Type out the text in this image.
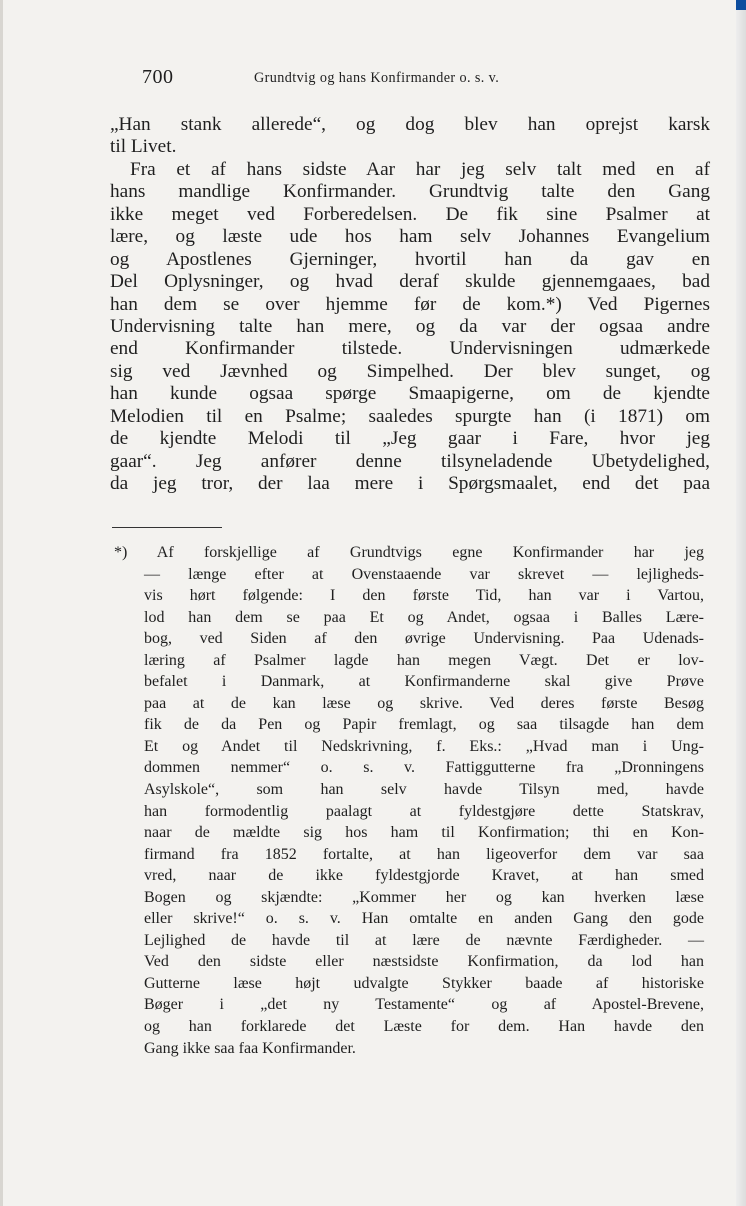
700	Grundtvig og hans Konfirmander o. s. v.
„Han stank allerede“, og dog blev han oprejst karsk
til Livet.
Fra et af hans sidste Aar har jeg selv talt med en af
hans mandlige Konfirmander. Grundtvig talte den Gang
ikke meget ved Forberedelsen. De fik sine Psalmer at
lære, og læste ude hos ham selv Johannes Evangelium
og Apostlenes Gjerninger, hvortil han da gav en
Del Oplysninger, og hvad deraf skulde gjennemgaaes, bad
han dem se over hjemme før de kom.*) Ved Pigernes
Undervisning talte han mere, og da var der ogsaa andre
end Konfirmander tilstede. Undervisningen udmærkede
sig ved Jævnhed og Simpelhed. Der blev sunget, og
han kunde ogsaa spørge Smaapigerne, om de kjendte
Melodien til en Psalme; saaledes spurgte han (i 1871) om
de kjendte Melodi til „Jeg gaar i Fare, hvor jeg
gaar“. Jeg anfører denne tilsyneladende Ubetydelighed,
da jeg tror, der laa mere i Spørgsmaalet, end det paa
*) Af forskjellige af Grundtvigs egne Konfirmander har jeg
— længe efter at Ovenstaaende var skrevet — lejligheds-
vis hørt følgende: I den første Tid, han var i Vartou,
lod han dem se paa Et og Andet, ogsaa i Balles Lære-
bog, ved Siden af den øvrige Undervisning. Paa Udenads-
læring af Psalmer lagde han megen Vægt. Det er lov-
befalet i Danmark, at Konfirmanderne skal give Prøve
paa at de kan læse og skrive. Ved deres første Besøg
fik de da Pen og Papir fremlagt, og saa tilsagde han dem
Et og Andet til Nedskrivning, f. Eks.: „Hvad man i Ung-
dommen nemmer“ o. s. v. Fattiggutterne fra „Dronningens
Asylskole“, som han selv havde Tilsyn med, havde
han formodentlig paalagt at fyldestgjøre dette Statskrav,
naar de mældte sig hos ham til Konfirmation; thi en Kon-
firmand fra 1852 fortalte, at han ligeoverfor dem var saa
vred, naar de ikke fyldestgjorde Kravet, at han smed
Bogen og skjændte: „Kommer her og kan hverken læse
eller skrive!“ o. s. v. Han omtalte en anden Gang den gode
Lejlighed de havde til at lære de nævnte Færdigheder. —
Ved den sidste eller næstsidste Konfirmation, da lod han
Gutterne læse højt udvalgte Stykker baade af historiske
Bøger i „det ny Testamente“ og af Apostel-Brevene,
og han forklarede det Læste for dem. Han havde den
Gang ikke saa faa Konfirmander.
